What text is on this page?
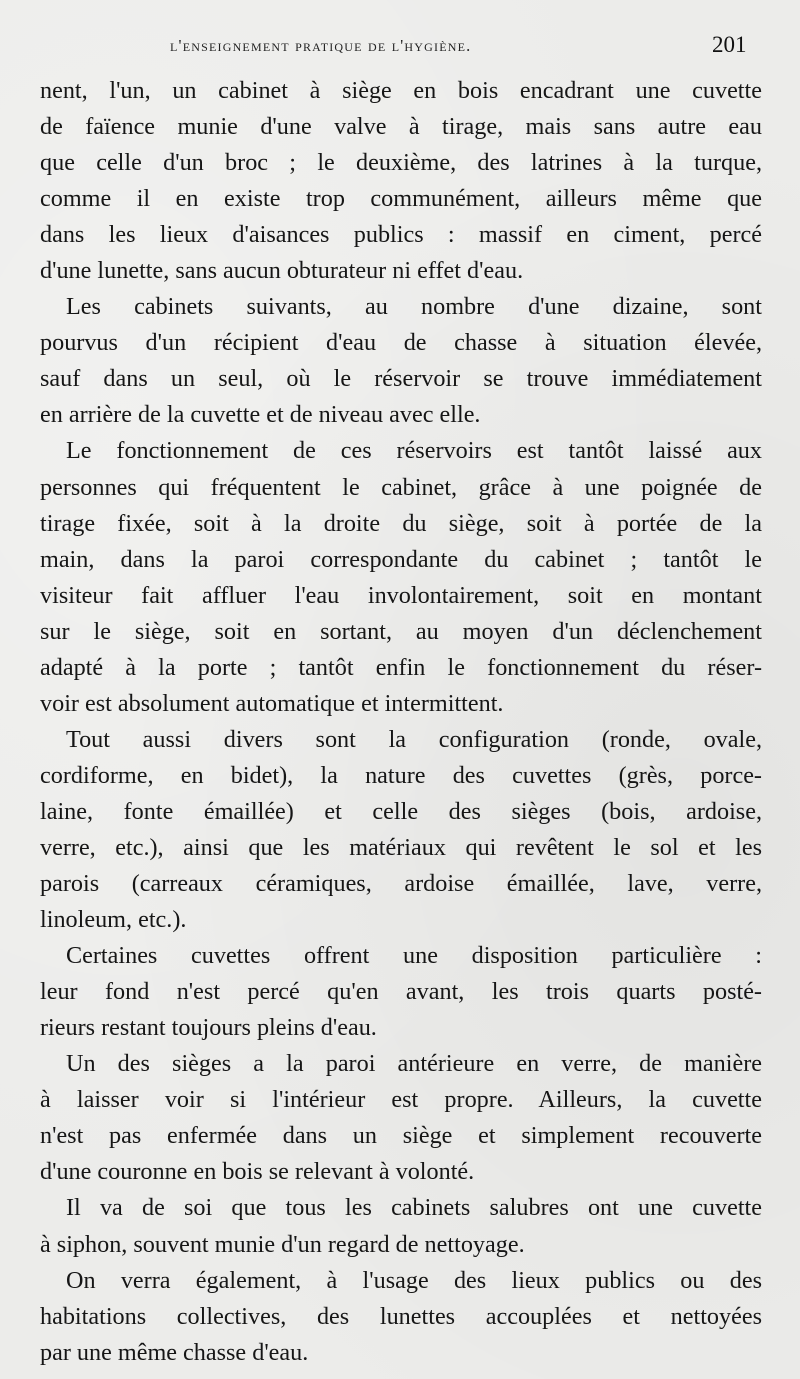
l'enseignement pratique de l'hygiène.	201
nent, l'un, un cabinet à siège en bois encadrant une cuvette
de faïence munie d'une valve à tirage, mais sans autre eau
que celle d'un broc ; le deuxième, des latrines à la turque,
comme il en existe trop communément, ailleurs même que
dans les lieux d'aisances publics : massif en ciment, percé
d'une lunette, sans aucun obturateur ni effet d'eau.
Les cabinets suivants, au nombre d'une dizaine, sont
pourvus d'un récipient d'eau de chasse à situation élevée,
sauf dans un seul, où le réservoir se trouve immédiatement
en arrière de la cuvette et de niveau avec elle.
Le fonctionnement de ces réservoirs est tantôt laissé aux
personnes qui fréquentent le cabinet, grâce à une poignée de
tirage fixée, soit à la droite du siège, soit à portée de la
main, dans la paroi correspondante du cabinet ; tantôt le
visiteur fait affluer l'eau involontairement, soit en montant
sur le siège, soit en sortant, au moyen d'un déclenchement
adapté à la porte ; tantôt enfin le fonctionnement du réser-
voir est absolument automatique et intermittent.
Tout aussi divers sont la configuration (ronde, ovale,
cordiforme, en bidet), la nature des cuvettes (grès, porce-
laine, fonte émaillée) et celle des sièges (bois, ardoise,
verre, etc.), ainsi que les matériaux qui revêtent le sol et les
parois (carreaux céramiques, ardoise émaillée, lave, verre,
linoleum, etc.).
Certaines cuvettes offrent une disposition particulière :
leur fond n'est percé qu'en avant, les trois quarts posté-
rieurs restant toujours pleins d'eau.
Un des sièges a la paroi antérieure en verre, de manière
à laisser voir si l'intérieur est propre. Ailleurs, la cuvette
n'est pas enfermée dans un siège et simplement recouverte
d'une couronne en bois se relevant à volonté.
Il va de soi que tous les cabinets salubres ont une cuvette
à siphon, souvent munie d'un regard de nettoyage.
On verra également, à l'usage des lieux publics ou des
habitations collectives, des lunettes accouplées et nettoyées
par une même chasse d'eau.
